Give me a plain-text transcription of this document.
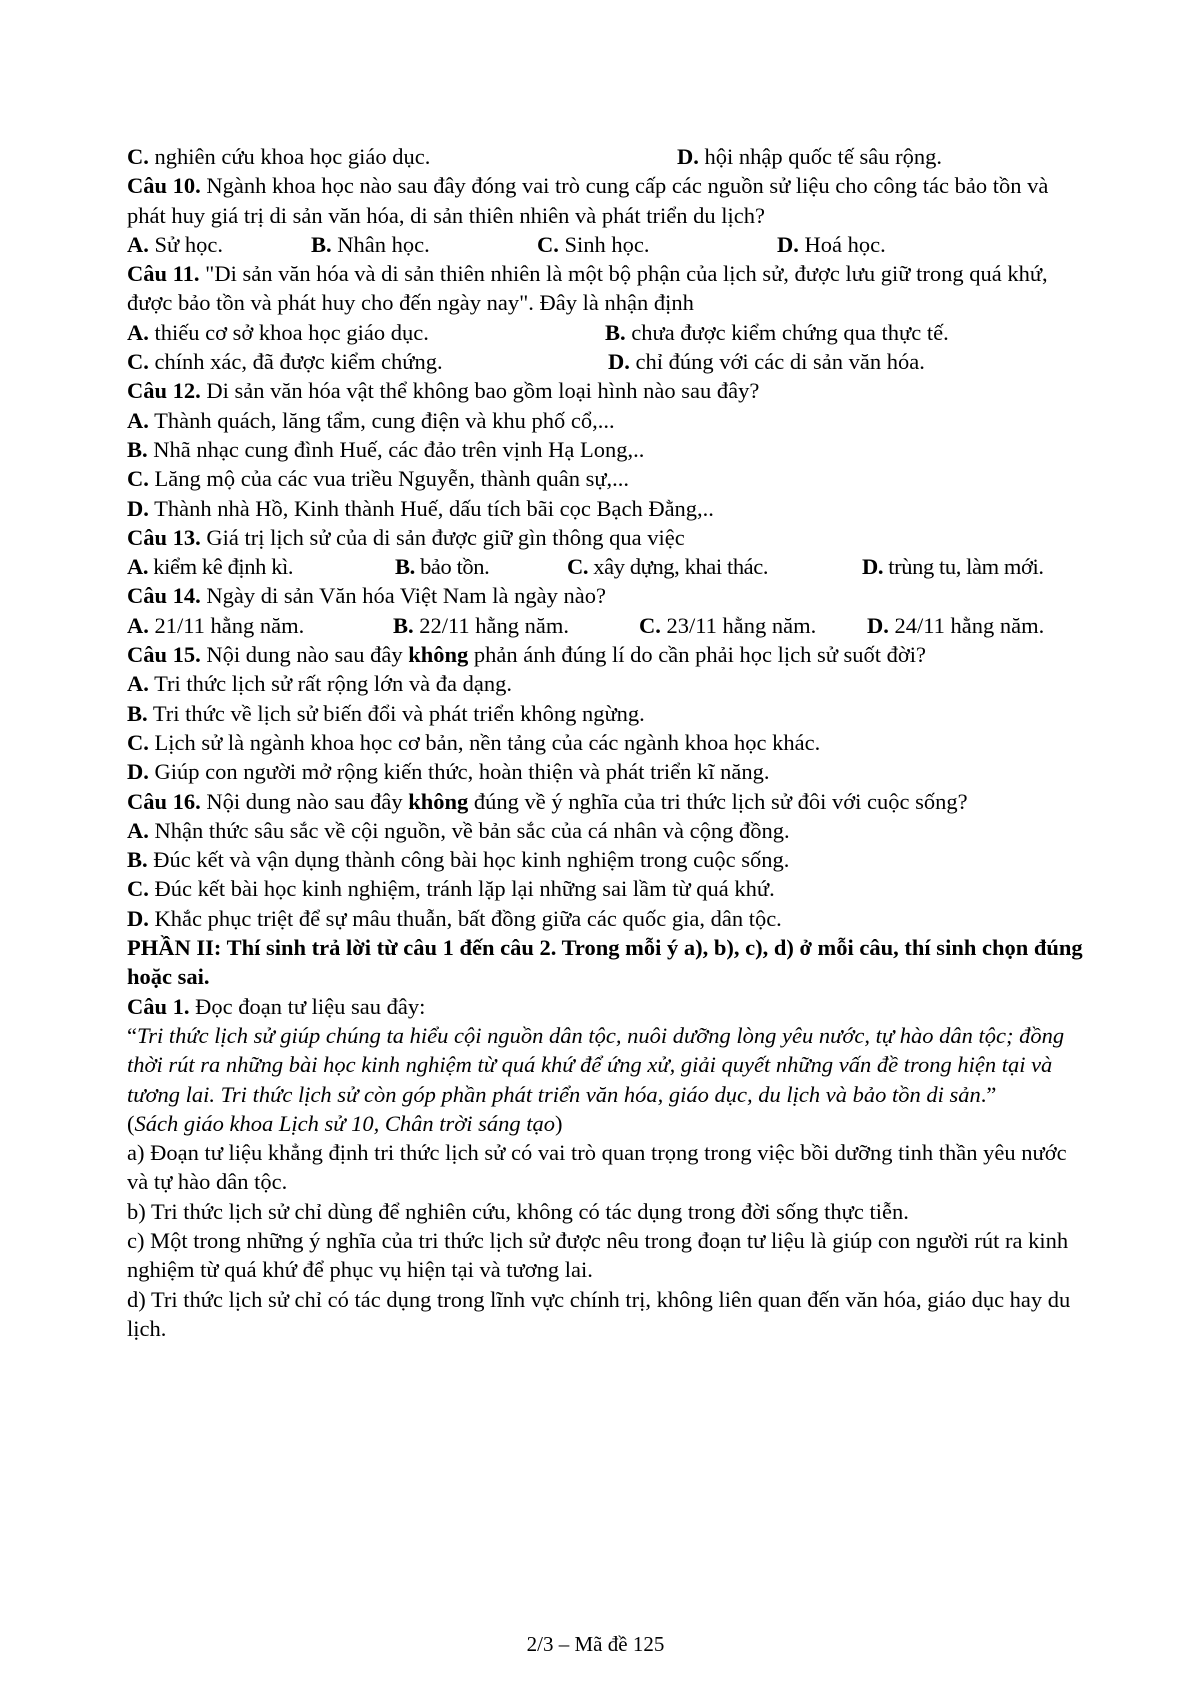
C. nghiên cứu khoa học giáo dục.	D. hội nhập quốc tế sâu rộng.
Câu 10. Ngành khoa học nào sau đây đóng vai trò cung cấp các nguồn sử liệu cho công tác bảo tồn và phát huy giá trị di sản văn hóa, di sản thiên nhiên và phát triển du lịch?
A. Sử học.	B. Nhân học.	C. Sinh học.	D. Hoá học.
Câu 11. "Di sản văn hóa và di sản thiên nhiên là một bộ phận của lịch sử, được lưu giữ trong quá khứ, được bảo tồn và phát huy cho đến ngày nay". Đây là nhận định
A. thiếu cơ sở khoa học giáo dục.	B. chưa được kiểm chứng qua thực tế.
C. chính xác, đã được kiểm chứng.	D. chỉ đúng với các di sản văn hóa.
Câu 12. Di sản văn hóa vật thể không bao gồm loại hình nào sau đây?
A. Thành quách, lăng tẩm, cung điện và khu phố cổ,...
B. Nhã nhạc cung đình Huế, các đảo trên vịnh Hạ Long,..
C. Lăng mộ của các vua triều Nguyễn, thành quân sự,...
D. Thành nhà Hồ, Kinh thành Huế, dấu tích bãi cọc Bạch Đằng,..
Câu 13. Giá trị lịch sử của di sản được giữ gìn thông qua việc
A. kiểm kê định kì.	B. bảo tồn.	C. xây dựng, khai thác.	D. trùng tu, làm mới.
Câu 14. Ngày di sản Văn hóa Việt Nam là ngày nào?
A. 21/11 hằng năm.	B. 22/11 hằng năm.	C. 23/11 hằng năm. D. 24/11 hằng năm.
Câu 15. Nội dung nào sau đây không phản ánh đúng lí do cần phải học lịch sử suốt đời?
A. Tri thức lịch sử rất rộng lớn và đa dạng.
B. Tri thức về lịch sử biến đổi và phát triển không ngừng.
C. Lịch sử là ngành khoa học cơ bản, nền tảng của các ngành khoa học khác.
D. Giúp con người mở rộng kiến thức, hoàn thiện và phát triển kĩ năng.
Câu 16. Nội dung nào sau đây không đúng về ý nghĩa của tri thức lịch sử đôi với cuộc sống?
A. Nhận thức sâu sắc về cội nguồn, về bản sắc của cá nhân và cộng đồng.
B. Đúc kết và vận dụng thành công bài học kinh nghiệm trong cuộc sống.
C. Đúc kết bài học kinh nghiệm, tránh lặp lại những sai lầm từ quá khứ.
D. Khắc phục triệt để sự mâu thuẫn, bất đồng giữa các quốc gia, dân tộc.
PHẦN II: Thí sinh trả lời từ câu 1 đến câu 2. Trong mỗi ý a), b), c), d) ở mỗi câu, thí sinh chọn đúng hoặc sai.
Câu 1. Đọc đoạn tư liệu sau đây:
“Tri thức lịch sử giúp chúng ta hiểu cội nguồn dân tộc, nuôi dưỡng lòng yêu nước, tự hào dân tộc; đồng thời rút ra những bài học kinh nghiệm từ quá khứ để ứng xử, giải quyết những vấn đề trong hiện tại và tương lai. Tri thức lịch sử còn góp phần phát triển văn hóa, giáo dục, du lịch và bảo tồn di sản.”
(Sách giáo khoa Lịch sử 10, Chân trời sáng tạo)
a) Đoạn tư liệu khẳng định tri thức lịch sử có vai trò quan trọng trong việc bồi dưỡng tinh thần yêu nước và tự hào dân tộc.
b) Tri thức lịch sử chỉ dùng để nghiên cứu, không có tác dụng trong đời sống thực tiễn.
c) Một trong những ý nghĩa của tri thức lịch sử được nêu trong đoạn tư liệu là giúp con người rút ra kinh nghiệm từ quá khứ để phục vụ hiện tại và tương lai.
d) Tri thức lịch sử chỉ có tác dụng trong lĩnh vực chính trị, không liên quan đến văn hóa, giáo dục hay du lịch.
2/3 – Mã đề 125
